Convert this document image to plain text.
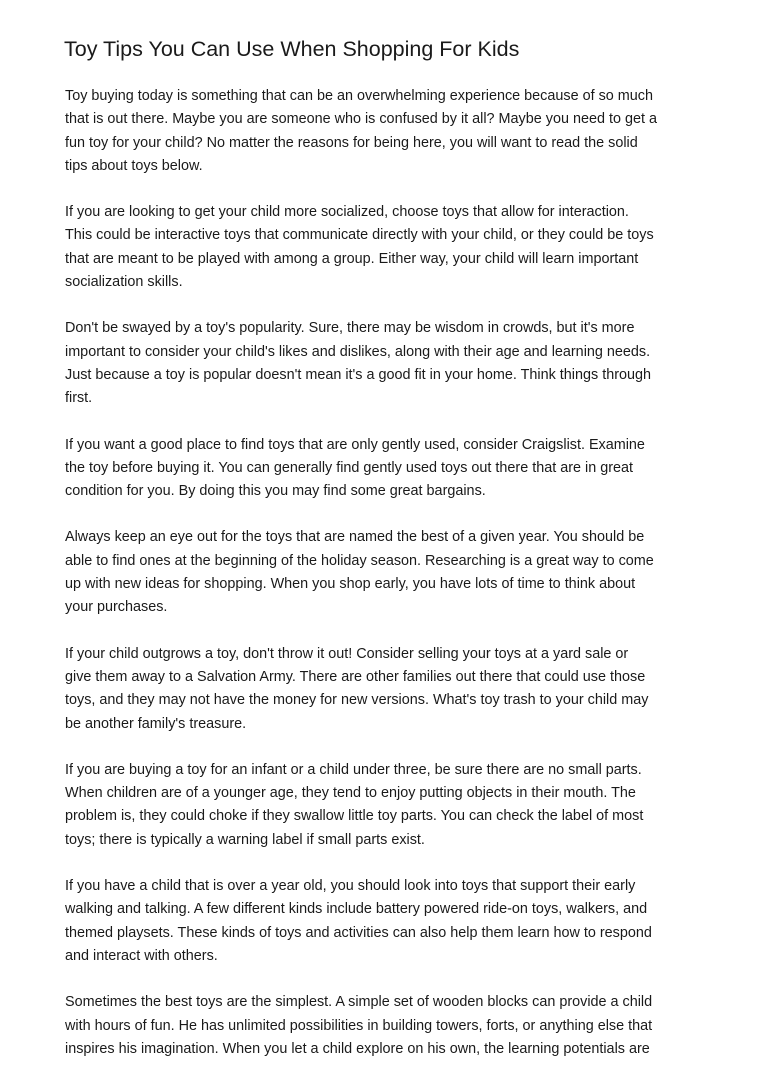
Toy Tips You Can Use When Shopping For Kids

Toy buying today is something that can be an overwhelming experience because of so much
that is out there. Maybe you are someone who is confused by it all? Maybe you need to get a
fun toy for your child? No matter the reasons for being here, you will want to read the solid
tips about toys below.

If you are looking to get your child more socialized, choose toys that allow for interaction.
This could be interactive toys that communicate directly with your child, or they could be toys
that are meant to be played with among a group. Either way, your child will learn important
socialization skills.

Don't be swayed by a toy's popularity. Sure, there may be wisdom in crowds, but it's more
important to consider your child's likes and dislikes, along with their age and learning needs.
Just because a toy is popular doesn't mean it's a good fit in your home. Think things through
first.

If you want a good place to find toys that are only gently used, consider Craigslist. Examine
the toy before buying it. You can generally find gently used toys out there that are in great
condition for you. By doing this you may find some great bargains.

Always keep an eye out for the toys that are named the best of a given year. You should be
able to find ones at the beginning of the holiday season. Researching is a great way to come
up with new ideas for shopping. When you shop early, you have lots of time to think about
your purchases.

If your child outgrows a toy, don't throw it out! Consider selling your toys at a yard sale or
give them away to a Salvation Army. There are other families out there that could use those
toys, and they may not have the money for new versions. What's toy trash to your child may
be another family's treasure.

If you are buying a toy for an infant or a child under three, be sure there are no small parts.
When children are of a younger age, they tend to enjoy putting objects in their mouth. The
problem is, they could choke if they swallow little toy parts. You can check the label of most
toys; there is typically a warning label if small parts exist.

If you have a child that is over a year old, you should look into toys that support their early
walking and talking. A few different kinds include battery powered ride-on toys, walkers, and
themed playsets. These kinds of toys and activities can also help them learn how to respond
and interact with others.

Sometimes the best toys are the simplest. A simple set of wooden blocks can provide a child
with hours of fun. He has unlimited possibilities in building towers, forts, or anything else that
inspires his imagination. When you let a child explore on his own, the learning potentials are
